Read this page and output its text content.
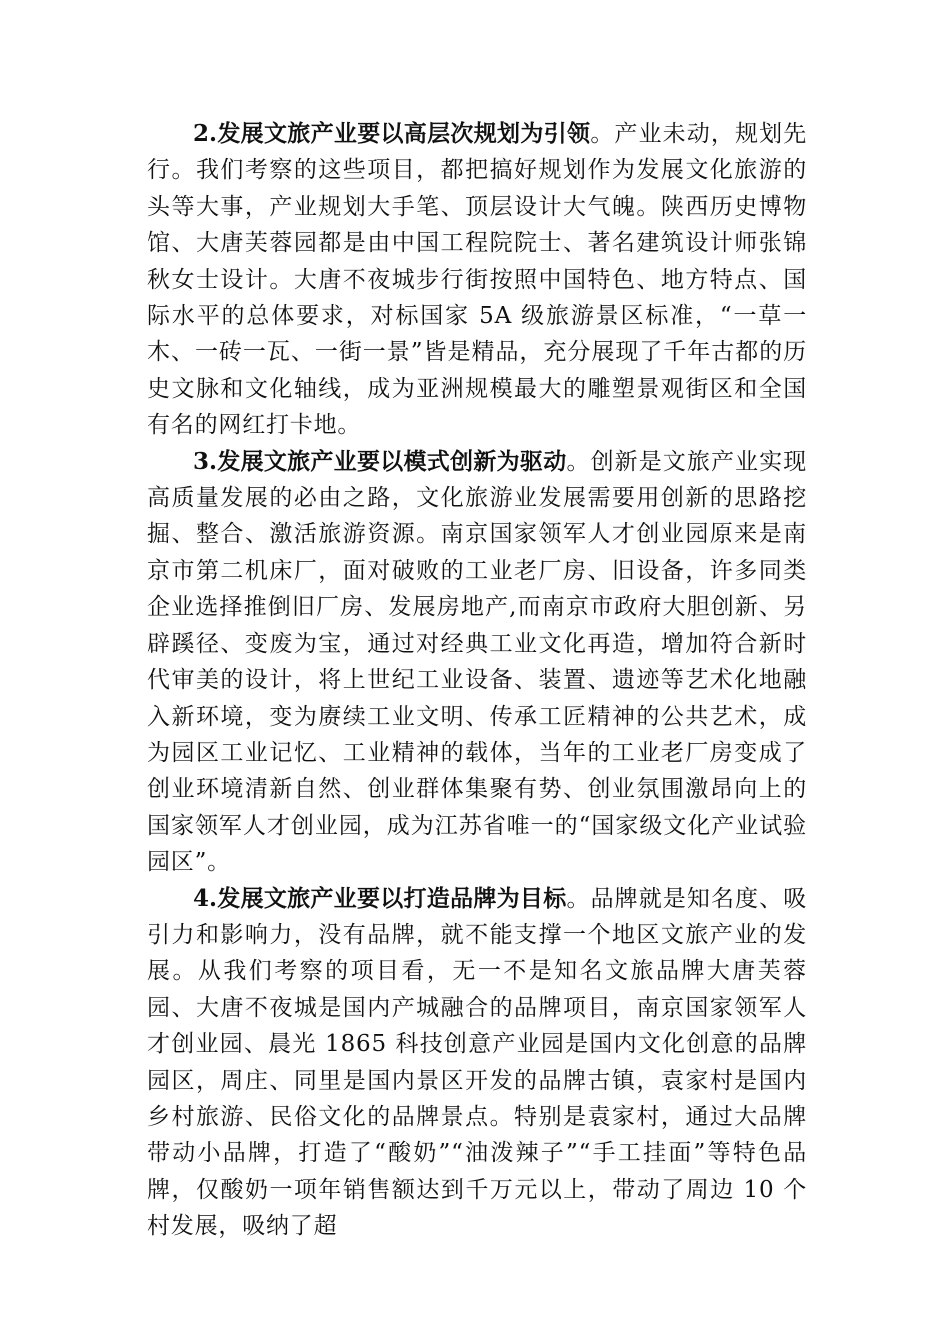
2.发展文旅产业要以高层次规划为引领。产业未动，规划先行。我们考察的这些项目，都把搞好规划作为发展文化旅游的头等大事，产业规划大手笔、顶层设计大气魄。陕西历史博物馆、大唐芙蓉园都是由中国工程院院士、著名建筑设计师张锦秋女士设计。大唐不夜城步行街按照中国特色、地方特点、国际水平的总体要求，对标国家 5A 级旅游景区标准，“一草一木、一砖一瓦、一街一景”皆是精品，充分展现了千年古都的历史文脉和文化轴线，成为亚洲规模最大的雕塑景观街区和全国有名的网红打卡地。

3.发展文旅产业要以模式创新为驱动。创新是文旅产业实现高质量发展的必由之路，文化旅游业发展需要用创新的思路挖掘、整合、激活旅游资源。南京国家领军人才创业园原来是南京市第二机床厂，面对破败的工业老厂房、旧设备，许多同类企业选择推倒旧厂房、发展房地产,而南京市政府大胆创新、另辟蹊径、变废为宝，通过对经典工业文化再造，增加符合新时代审美的设计，将上世纪工业设备、装置、遗迹等艺术化地融入新环境，变为赓续工业文明、传承工匠精神的公共艺术，成为园区工业记忆、工业精神的载体，当年的工业老厂房变成了创业环境清新自然、创业群体集聚有势、创业氛围激昂向上的国家领军人才创业园，成为江苏省唯一的“国家级文化产业试验园区”。

4.发展文旅产业要以打造品牌为目标。品牌就是知名度、吸引力和影响力，没有品牌，就不能支撑一个地区文旅产业的发展。从我们考察的项目看，无一不是知名文旅品牌大唐芙蓉园、大唐不夜城是国内产城融合的品牌项目，南京国家领军人才创业园、晨光 1865 科技创意产业园是国内文化创意的品牌园区，周庄、同里是国内景区开发的品牌古镇，袁家村是国内乡村旅游、民俗文化的品牌景点。特别是袁家村，通过大品牌带动小品牌，打造了“酸奶”“油泼辣子”“手工挂面”等特色品牌，仅酸奶一项年销售额达到千万元以上，带动了周边 10 个村发展，吸纳了超
